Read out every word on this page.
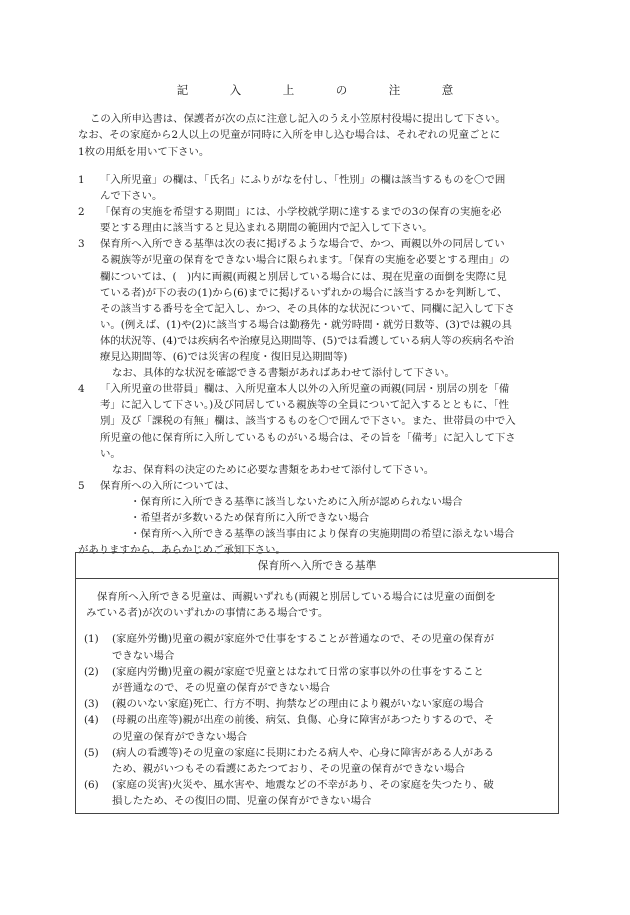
記　入　上　の　注　意

この入所申込書は、保護者が次の点に注意し記入のうえ小笠原村役場に提出して下さい。
なお、その家庭から2人以上の児童が同時に入所を申し込む場合は、それぞれの児童ごとに
1枚の用紙を用いて下さい。

1	「入所児童」の欄は、「氏名」にふりがなを付し、「性別」の欄は該当するものを〇で囲
んで下さい。
2	「保育の実施を希望する期間」には、小学校就学期に達するまでの3の保育の実施を必
要とする理由に該当すると見込まれる期間の範囲内で記入して下さい。
3	保育所へ入所できる基準は次の表に掲げるような場合で、かつ、両親以外の同居してい
る親族等が児童の保育をできない場合に限られます。「保育の実施を必要とする理由」の
欄については、(　)内に両親(両親と別居している場合には、現在児童の面倒を実際に見
ている者)が下の表の(1)から(6)までに掲げるいずれかの場合に該当するかを判断して、
その該当する番号を全て記入し、かつ、その具体的な状況について、同欄に記入して下さ
い。(例えば、(1)や(2)に該当する場合は勤務先・就労時間・就労日数等、(3)では親の具
体的状況等、(4)では疾病名や治療見込期間等、(5)では看護している病人等の疾病名や治
療見込期間等、(6)では災害の程度・復旧見込期間等)
なお、具体的な状況を確認できる書類があればあわせて添付して下さい。
4	「入所児童の世帯員」欄は、入所児童本人以外の入所児童の両親(同居・別居の別を「備
考」に記入して下さい。)及び同居している親族等の全員について記入するとともに、「性
別」及び「課税の有無」欄は、該当するものを〇で囲んで下さい。また、世帯員の中で入
所児童の他に保育所に入所しているものがいる場合は、その旨を「備考」に記入して下さ
い。
なお、保育料の決定のために必要な書類をあわせて添付して下さい。
5	保育所への入所については、
・保育所に入所できる基準に該当しないために入所が認められない場合
・希望者が多数いるため保育所に入所できない場合
・保育所へ入所できる基準の該当事由により保育の実施期間の希望に添えない場合
がありますから、あらかじめご承知下さい。
保育所へ入所できる基準
保育所へ入所できる児童は、両親いずれも(両親と別居している場合には児童の面倒を
みている者)が次のいずれかの事情にある場合です。
(1) (家庭外労働)児童の親が家庭外で仕事をすることが普通なので、その児童の保育が
できない場合
(2) (家庭内労働)児童の親が家庭で児童とはなれて日常の家事以外の仕事をすること
が普通なので、その児童の保育ができない場合
(3) (親のいない家庭)死亡、行方不明、拘禁などの理由により親がいない家庭の場合
(4) (母親の出産等)親が出産の前後、病気、負傷、心身に障害があつたりするので、そ
の児童の保育ができない場合
(5) (病人の看護等)その児童の家庭に長期にわたる病人や、心身に障害がある人がある
ため、親がいつもその看護にあたつており、その児童の保育ができない場合
(6) (家庭の災害)火災や、風水害や、地震などの不幸があり、その家庭を失つたり、破
損したため、その復旧の間、児童の保育ができない場合
